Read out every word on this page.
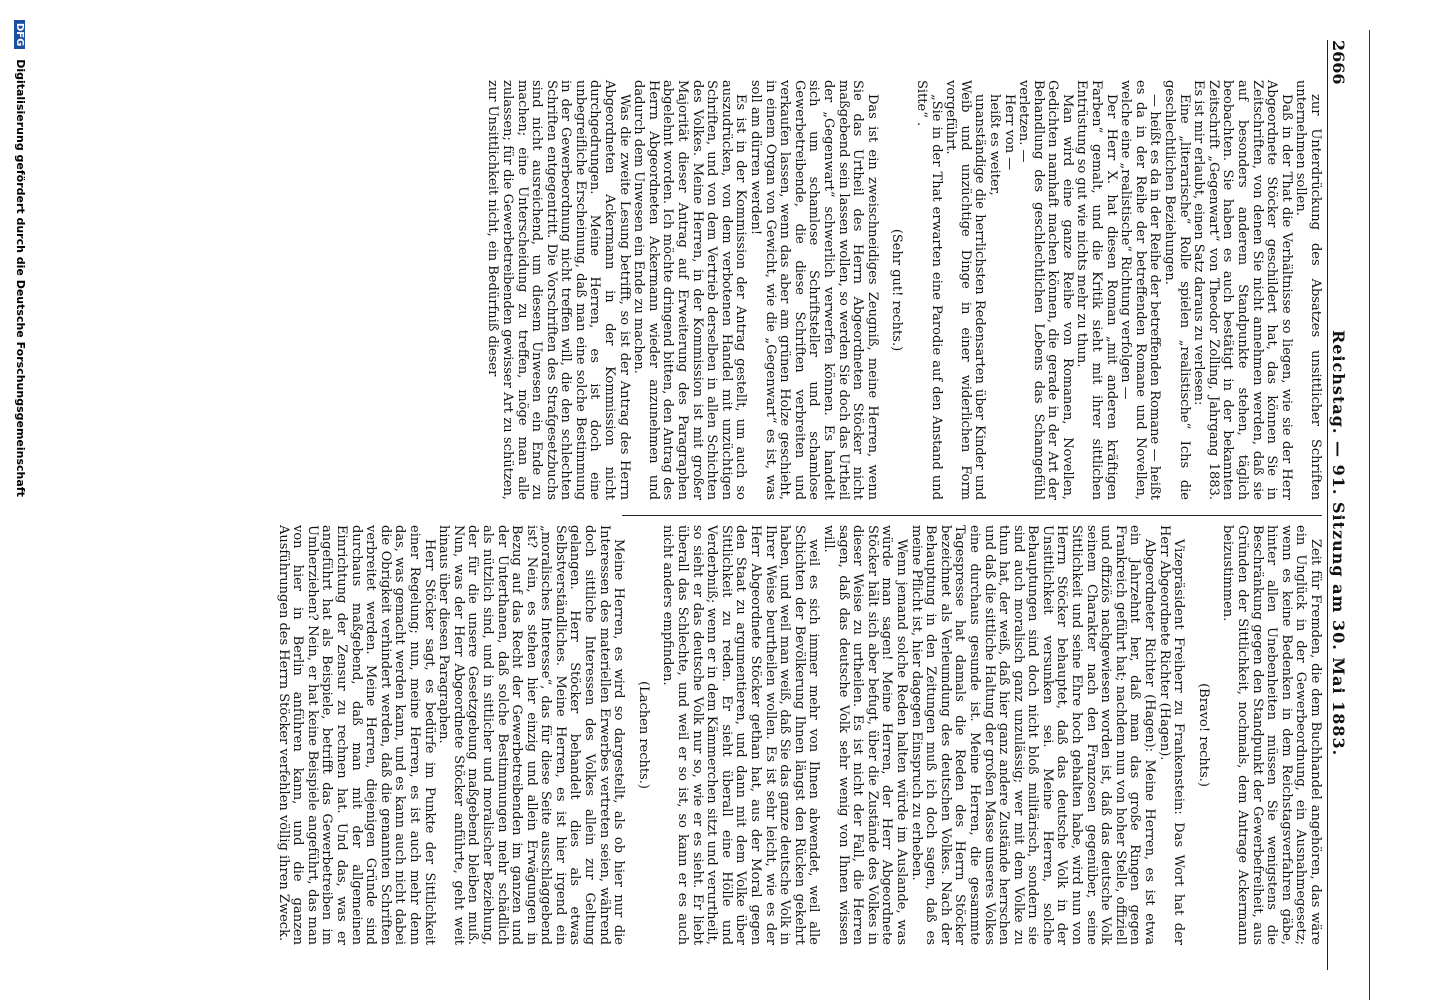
2666
Reichstag. — 91. Sitzung am 30. Mai 1883.

zur Unterdrückung des Absatzes unsittlicher Schriften unternehmen sollen.

Daß in der That die Verhältnisse so liegen, wie sie der Herr Abgeordnete Stöcker geschildert hat, das können Sie in Zeitschriften, von denen Sie nicht annehmen werden, daß sie auf besonders anderem Standpunkte stehen, täglich beobachten. Sie haben es auch bestätigt in der bekannten Zeitschrift „Gegenwart“ von Theodor Zolling, Jahrgang 1883. Es ist mir erlaubt, einen Satz daraus zu verlesen:

Eine „literarische“ Rolle spielen „realistische“ Ichs die geschlechtlichen Beziehungen.

— heißt es da in der Reihe der betreffenden Romane — heißt es da in der Reihe der betreffenden Romane und Novellen, welche eine „realistische“ Richtung verfolgen —

Der Herr X. hat diesen Roman „mit anderen kräftigen Farben“ gemalt, und die Kritik sieht mit ihrer sittlichen Entrüstung so gut wie nichts mehr zu thun.

Man wird eine ganze Reihe von Romanen, Novellen, Gedichten namhaft machen können, die gerade in der Art der Behandlung des geschlechtlichen Lebens das Schamgefühl verletzen. —

Herr von —

heißt es weiter,

unanständige die herrlichsten Redensarten über Kinder und Weib und unzüchtige Dinge in einer widerlichen Form vorgeführt.

„Sie in der That erwarten eine Parodie auf den Anstand und Sitte“ .

(Sehr gut! rechts.)

Das ist ein zweischneidiges Zeugniß, meine Herren, wenn Sie das Urtheil des Herrn Abgeordneten Stöcker nicht maßgebend sein lassen wollen, so werden Sie doch das Urtheil der „Gegenwart“ schwerlich verwerfen können. Es handelt sich um schamlose Schriftsteller und schamlose Gewerbetreibende, die diese Schriften verbreiten und verkaufen lassen, wenn das aber am grünen Holze geschieht, in einem Organ von Gewicht, wie die „Gegenwart“ es ist, was soll am dürren werden!

Es ist in der Kommission der Antrag gestellt, um auch so auszudrücken, von dem verbotenen Handel mit unzüchtigen Schriften, und von dem Vertrieb derselben in allen Schichten des Volkes. Meine Herren, in der Kommission ist mit großer Majorität dieser Antrag auf Erweiterung des Paragraphen abgelehnt worden. Ich möchte dringend bitten, den Antrag des Herrn Abgeordneten Ackermann wieder anzunehmen und dadurch dem Unwesen ein Ende zu machen.

Was die zweite Lesung betrifft, so ist der Antrag des Herrn Abgeordneten Ackermann in der Kommission nicht durchgedrungen. Meine Herren, es ist doch eine unbegreifliche Erscheinung, daß man eine solche Bestimmung in der Gewerbeordnung nicht treffen will, die den schlechten Schriften entgegentritt. Die Vorschriften des Strafgesetzbuchs sind nicht ausreichend, um diesem Unwesen ein Ende zu machen; eine Unterscheidung zu treffen, möge man alle zulassen; für die Gewerbetreibenden gewisser Art zu schützen, zur Unsittlichkeit nicht, ein Bedürfniß dieser

Zeit für Fremden, die dem Buchhandel angehören, das wäre ein Unglück in der Gewerbeordnung, ein Ausnahmegesetz; wenn es keine Bedenken in dem Reichstagsverfahren gäbe, hinter allen Unebenheiten müssen Sie wenigstens die Beschränkung gegen den Standpunkt der Gewerbefreiheit, aus Gründen der Sittlichkeit, nochmals, dem Antrage Ackermann beizustimmen.

(Bravo! rechts.)

Vizepräsident Freiherr zu Frankenstein: Das Wort hat der Herr Abgeordnete Richter (Hagen).

Abgeordneter Richter (Hagen): Meine Herren, es ist etwa ein Jahrzehnt her, daß man das große Ringen gegen Frankreich geführt hat; nachdem nun von hoher Stelle, offiziell und offiziös nachgewiesen worden ist, daß das deutsche Volk seinem Charakter nach den Franzosen gegenüber, seine Sittlichkeit und seine Ehre hoch gehalten habe, wird nun von Herrn Stöcker behauptet, daß das deutsche Volk in der Unsittlichkeit versunken sei. Meine Herren, solche Behauptungen sind doch nicht bloß militärisch, sondern sie sind auch moralisch ganz unzulässig; wer mit dem Volke zu thun hat, der weiß, daß hier ganz andere Zustände herrschen und daß die sittliche Haltung der großen Masse unseres Volkes eine durchaus gesunde ist. Meine Herren, die gesammte Tagespresse hat damals die Reden des Herrn Stöcker bezeichnet als Verleumdung des deutschen Volkes. Nach der Behauptung in den Zeitungen muß ich doch sagen, daß es meine Pflicht ist, hier dagegen Einspruch zu erheben.

Wenn jemand solche Reden halten würde im Auslande, was würde man sagen! Meine Herren, der Herr Abgeordnete Stöcker hält sich aber befugt, über die Zustände des Volkes in dieser Weise zu urtheilen. Es ist nicht der Fall, die Herren sagen, daß das deutsche Volk sehr wenig von Ihnen wissen will.

weil es sich immer mehr von Ihnen abwendet, weil alle Schichten der Bevölkerung Ihnen längst den Rücken gekehrt haben, und weil man weiß, daß Sie das ganze deutsche Volk in Ihrer Weise beurtheilen wollen. Es ist sehr leicht, wie es der Herr Abgeordnete Stöcker gethan hat, aus der Moral gegen den Staat zu argumentieren, und dann mit dem Volke über Sittlichkeit zu reden. Er sieht überall eine Hölle und Verderbniß; wenn er in dem Kämmerchen sitzt und verurtheilt, so sieht er das deutsche Volk nur so, wie er es sieht. Er liebt überall das Schlechte, und weil er so ist, so kann er es auch nicht anders empfinden.

(Lachen rechts.)

Meine Herren, es wird so dargestellt, als ob hier nur die Interessen des materiellen Erwerbes vertreten seien, während doch sittliche Interessen des Volkes allein zur Geltung gelangen. Herr Stöcker behandelt dies als etwas Selbstverständliches. Meine Herren, es ist hier irgend ein „moralisches Interesse“, das für diese Seite ausschlaggebend ist? Nein, es stehen hier einzig und allein Erwägungen in Bezug auf das Recht der Gewerbetreibenden im ganzen und der Unterthanen, daß solche Bestimmungen mehr schädlich als nützlich sind, und in sittlicher und moralischer Beziehung, der für die unsere Gesetzgebung maßgebend bleiben muß. Nun, was der Herr Abgeordnete Stöcker anführte, geht weit hinaus über diesen Paragraphen.

Herr Stöcker sagt, es bedürfe im Punkte der Sittlichkeit einer Regelung; nun, meine Herren, es ist auch mehr denn das, was gemacht werden kann, und es kann auch nicht dabei die Obrigkeit verhindert werden, daß die genannten Schriften verbreitet werden. Meine Herren, diejenigen Gründe sind durchaus maßgebend, daß man mit der allgemeinen Einrichtung der Zensur zu rechnen hat. Und das, was er angeführt hat als Beispiele, betrifft das Gewerbetreiben im Umherziehen? Nein, er hat keine Beispiele angeführt, das man von hier in Berlin anführen kann, und die ganzen Ausführungen des Herrn Stöcker verfehlen völlig ihren Zweck.

DFG Digitalisierung gefördert durch die Deutsche Forschungsgemeinschaft
